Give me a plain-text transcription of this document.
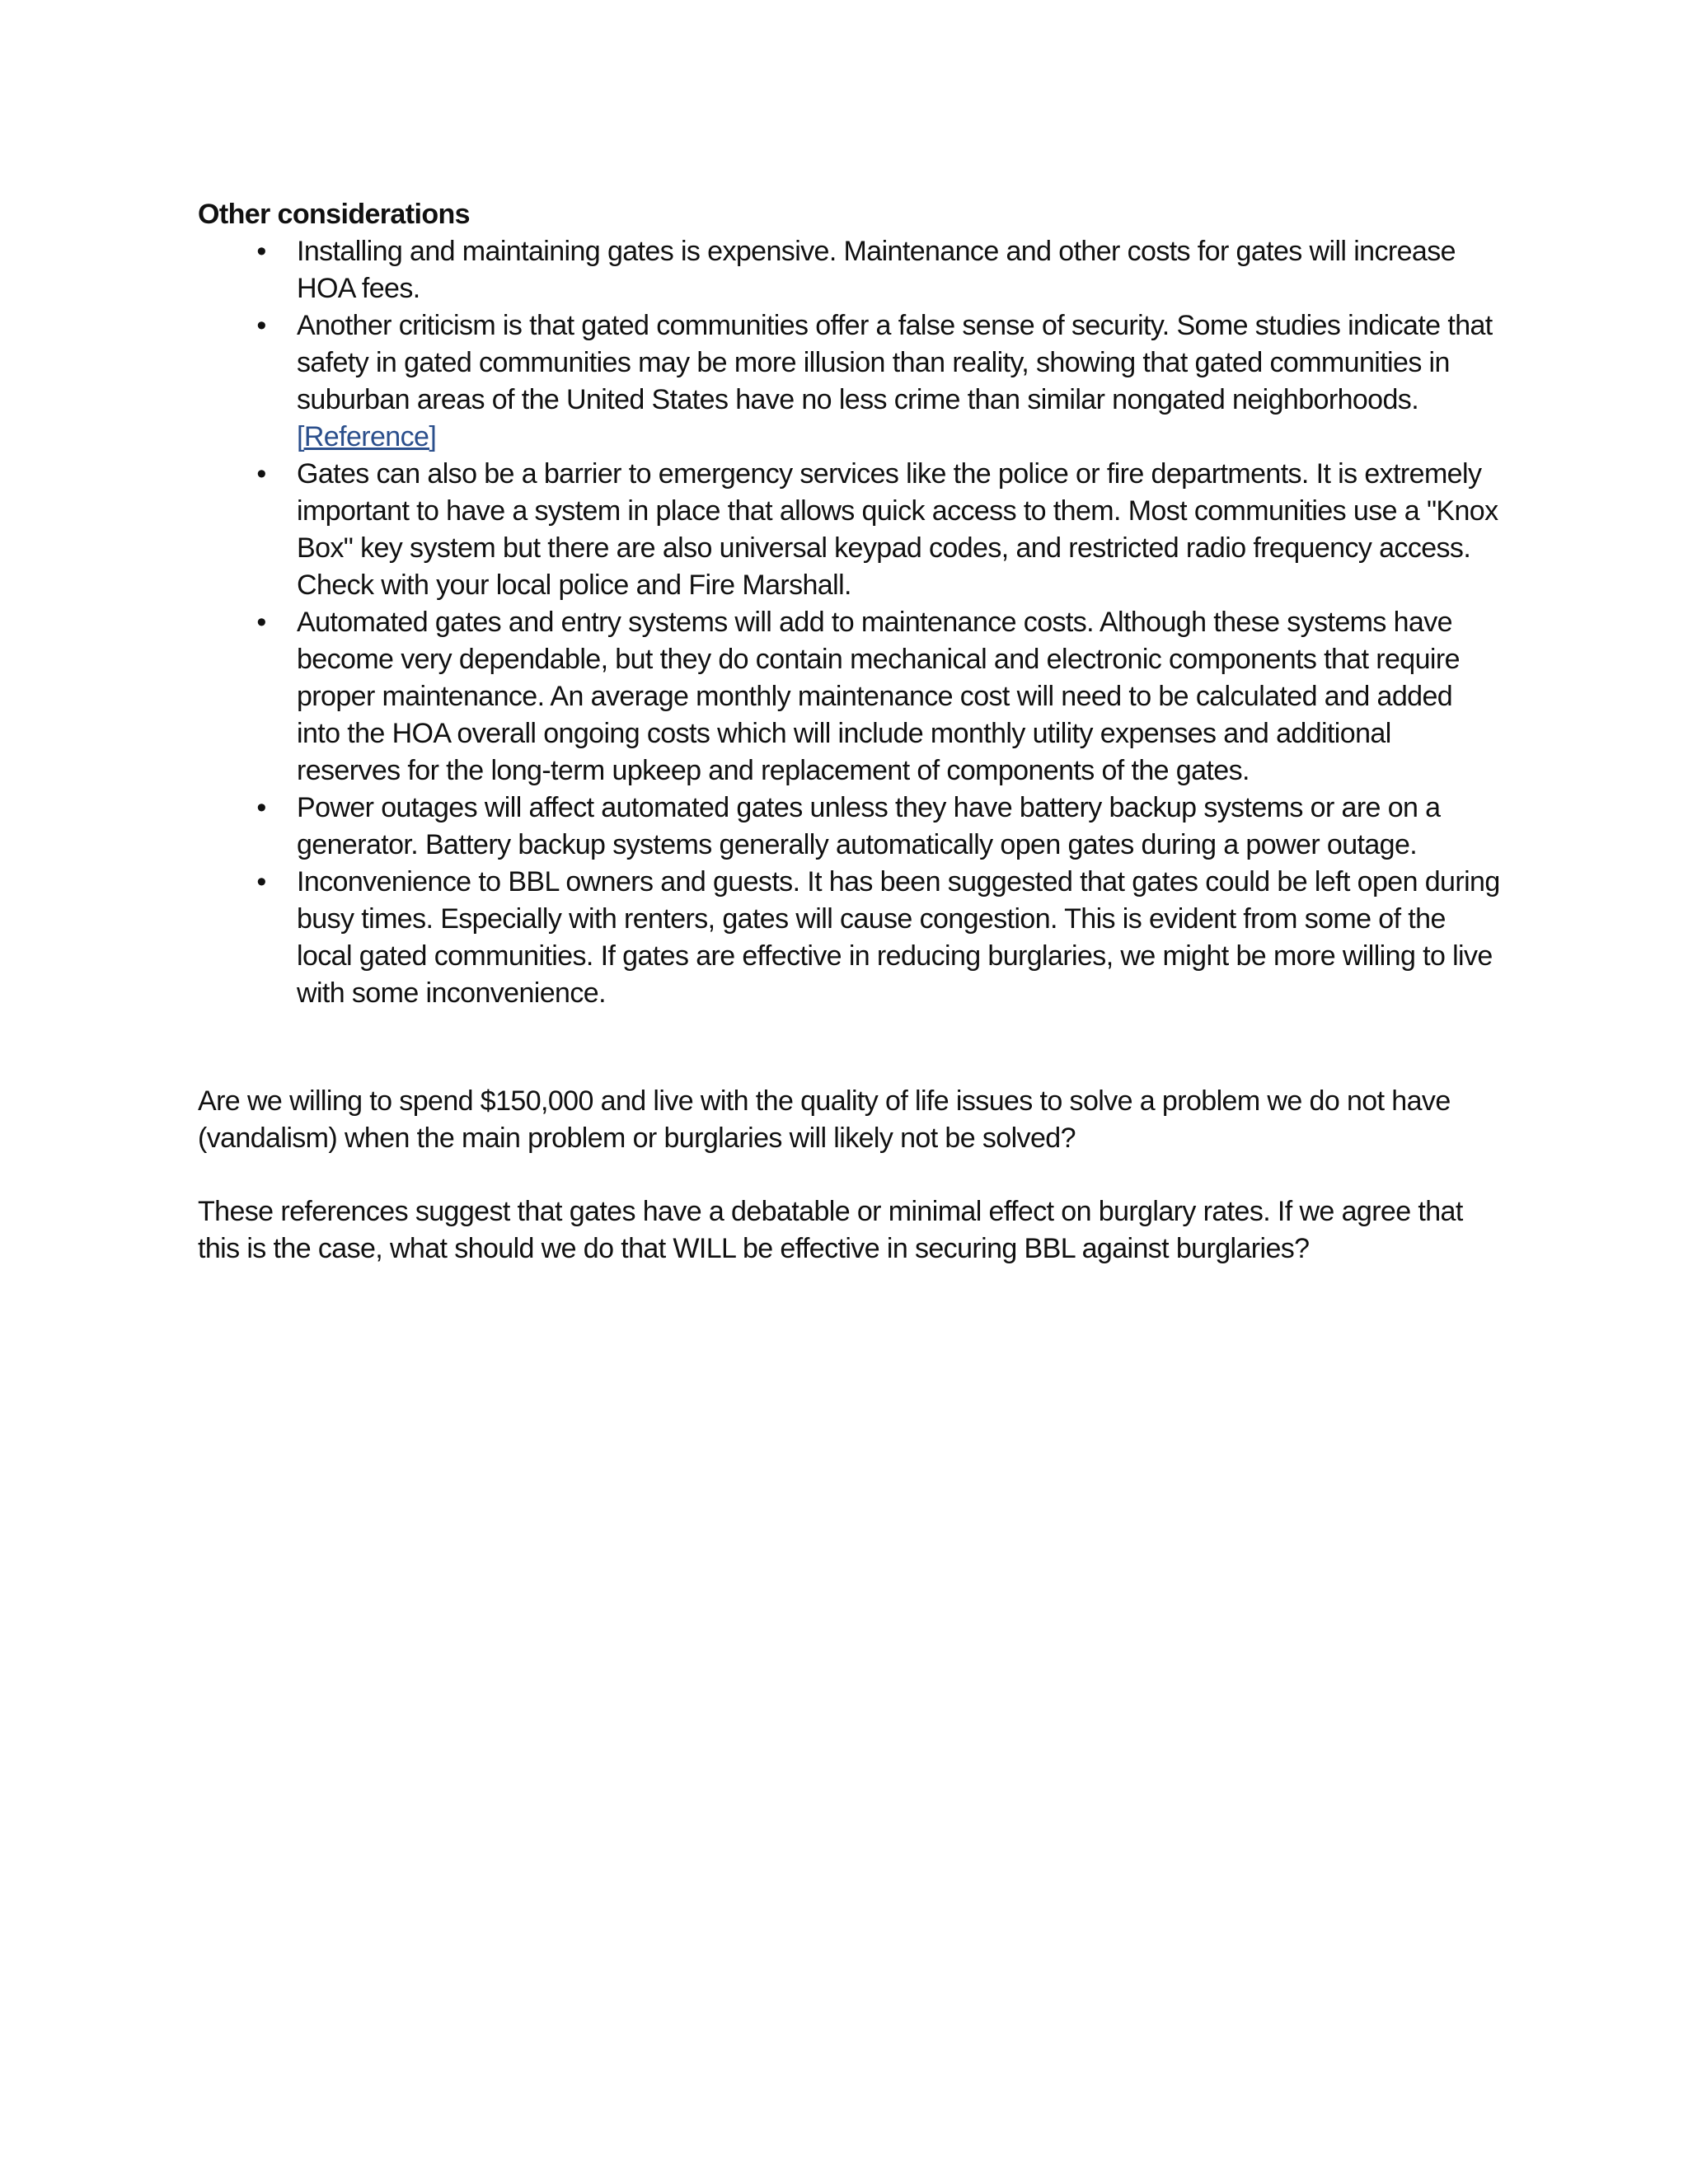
Other considerations

• Installing and maintaining gates is expensive. Maintenance and other costs for gates will increase HOA fees.
• Another criticism is that gated communities offer a false sense of security. Some studies indicate that safety in gated communities may be more illusion than reality, showing that gated communities in suburban areas of the United States have no less crime than similar nongated neighborhoods.[Reference]
• Gates can also be a barrier to emergency services like the police or fire departments. It is extremely important to have a system in place that allows quick access to them. Most communities use a "Knox Box" key system but there are also universal keypad codes, and restricted radio frequency access. Check with your local police and Fire Marshall.
• Automated gates and entry systems will add to maintenance costs. Although these systems have become very dependable, but they do contain mechanical and electronic components that require proper maintenance. An average monthly maintenance cost will need to be calculated and added into the HOA overall ongoing costs which will include monthly utility expenses and additional reserves for the long-term upkeep and replacement of components of the gates.
• Power outages will affect automated gates unless they have battery backup systems or are on a generator. Battery backup systems generally automatically open gates during a power outage.
• Inconvenience to BBL owners and guests. It has been suggested that gates could be left open during busy times. Especially with renters, gates will cause congestion. This is evident from some of the local gated communities. If gates are effective in reducing burglaries, we might be more willing to live with some inconvenience.

Are we willing to spend $150,000 and live with the quality of life issues to solve a problem we do not have (vandalism) when the main problem or burglaries will likely not be solved?

These references suggest that gates have a debatable or minimal effect on burglary rates. If we agree that this is the case, what should we do that WILL be effective in securing BBL against burglaries?
